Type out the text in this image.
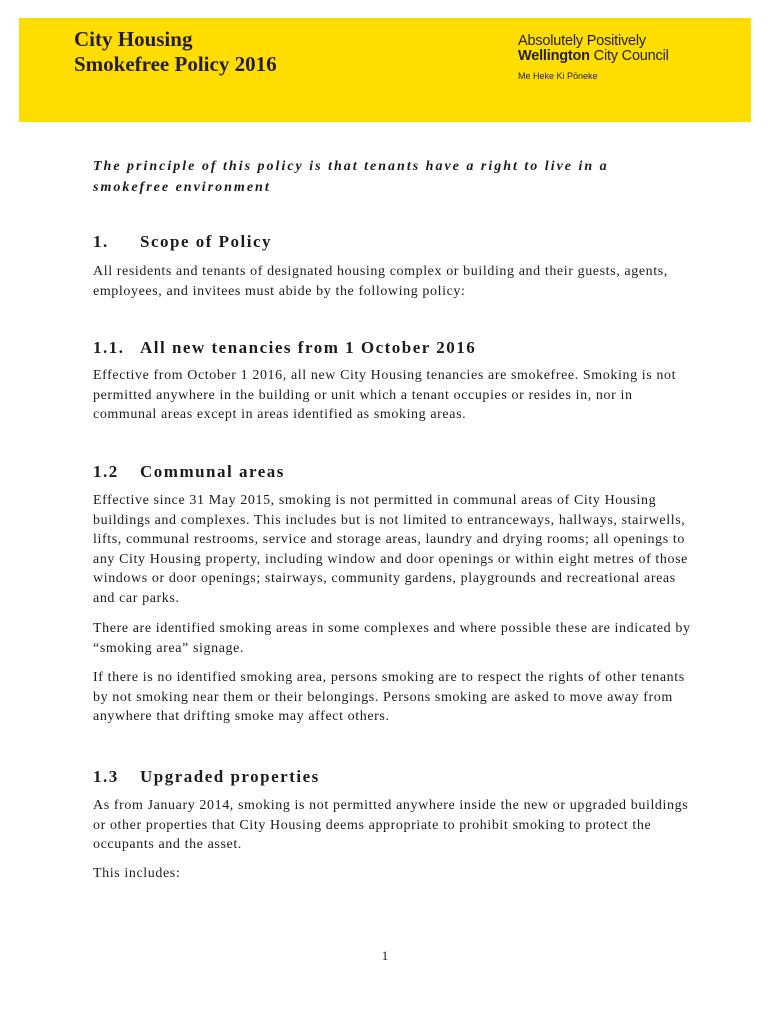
City Housing
Smokefree Policy 2016
Absolutely Positively
Wellington City Council
Me Heke Ki Pōneke
The principle of this policy is that tenants have a right to live in a smokefree environment
1. Scope of Policy

All residents and tenants of designated housing complex or building and their guests, agents, employees, and invitees must abide by the following policy:

1.1. All new tenancies from 1 October 2016

Effective from October 1 2016, all new City Housing tenancies are smokefree. Smoking is not permitted anywhere in the building or unit which a tenant occupies or resides in, nor in communal areas except in areas identified as smoking areas.

1.2 Communal areas

Effective since 31 May 2015, smoking is not permitted in communal areas of City Housing buildings and complexes. This includes but is not limited to entranceways, hallways, stairwells, lifts, communal restrooms, service and storage areas, laundry and drying rooms; all openings to any City Housing property, including window and door openings or within eight metres of those windows or door openings; stairways, community gardens, playgrounds and recreational areas and car parks.

There are identified smoking areas in some complexes and where possible these are indicated by “smoking area” signage.

If there is no identified smoking area, persons smoking are to respect the rights of other tenants by not smoking near them or their belongings. Persons smoking are asked to move away from anywhere that drifting smoke may affect others.

1.3 Upgraded properties

As from January 2014, smoking is not permitted anywhere inside the new or upgraded buildings or other properties that City Housing deems appropriate to prohibit smoking to protect the occupants and the asset.

This includes:

1
